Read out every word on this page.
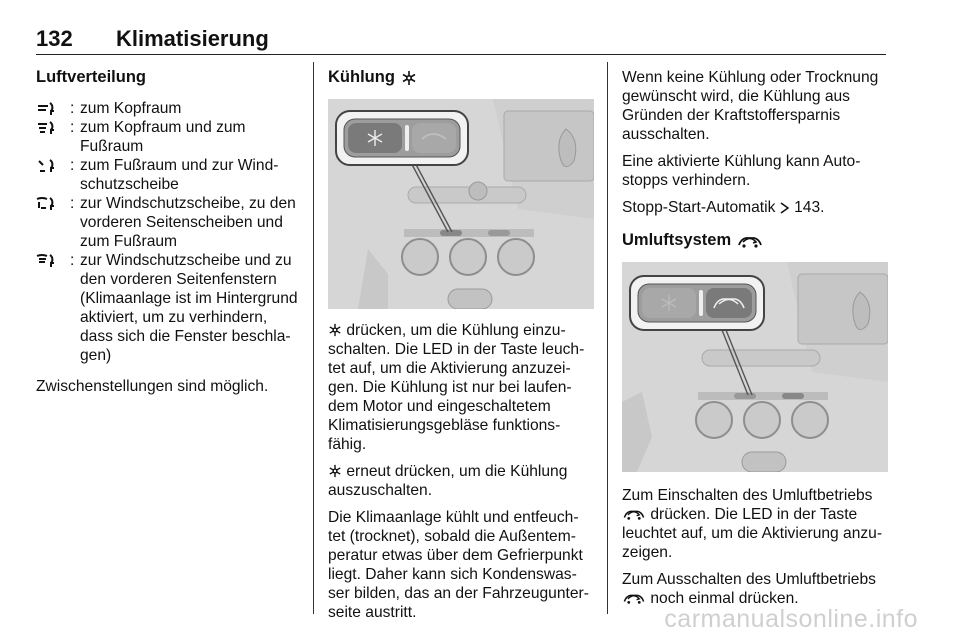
132 Klimatisierung
Luftverteilung
: zum Kopfraum
: zum Kopfraum und zum
Fußraum
: zum Fußraum und zur Wind-
schutzscheibe
: zur Windschutzscheibe, zu den
vorderen Seitenscheiben und
zum Fußraum
: zur Windschutzscheibe und zu
den vorderen Seitenfenstern
(Klimaanlage ist im Hintergrund
aktiviert, um zu verhindern,
dass sich die Fenster beschla-
gen)

Zwischenstellungen sind möglich.

Kühlung

drücken, um die Kühlung einzu-
schalten. Die LED in der Taste leuch-
tet auf, um die Aktivierung anzuzei-
gen. Die Kühlung ist nur bei laufen-
dem Motor und eingeschaltetem
Klimatisierungsgebläse funktions-
fähig.

erneut drücken, um die Kühlung
auszuschalten.

Die Klimaanlage kühlt und entfeuch-
tet (trocknet), sobald die Außentem-
peratur etwas über dem Gefrierpunkt
liegt. Daher kann sich Kondenswas-
ser bilden, das an der Fahrzeugunter-
seite austritt.

Wenn keine Kühlung oder Trocknung
gewünscht wird, die Kühlung aus
Gründen der Kraftstoffersparnis
ausschalten.

Eine aktivierte Kühlung kann Auto-
stopps verhindern.

Stopp-Start-Automatik 143.

Umluftsystem

Zum Einschalten des Umluftbetriebs
drücken. Die LED in der Taste
leuchtet auf, um die Aktivierung anzu-
zeigen.

Zum Ausschalten des Umluftbetriebs
noch einmal drücken.

carmanualsonline.info
